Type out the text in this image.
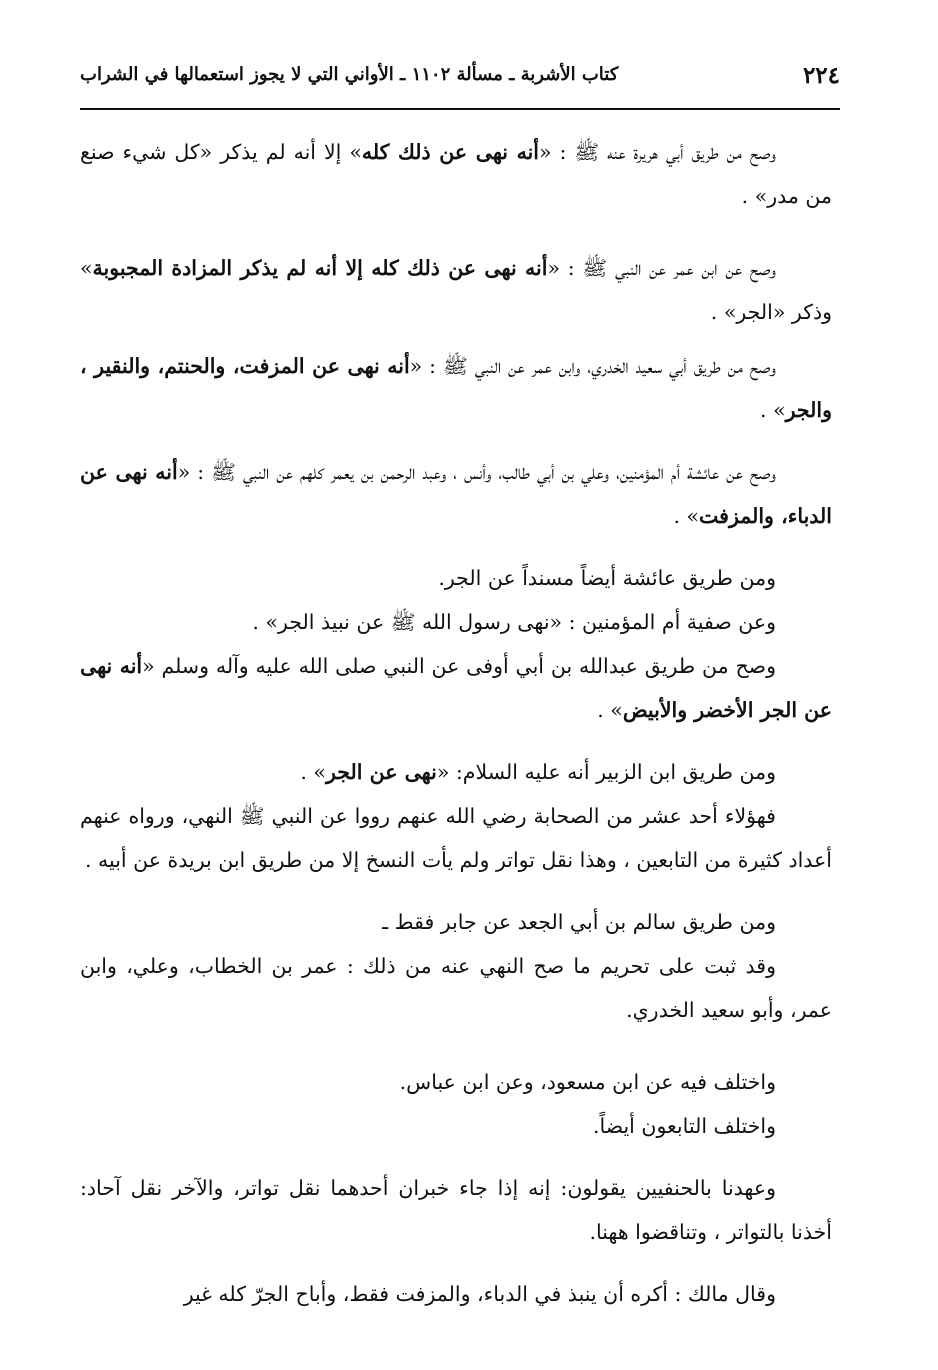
٢٢٤
كتاب الأشربة ـ مسألة ١١٠٢ ـ الأواني التي لا يجوز استعمالها في الشراب

وصح من طريق أبي هريرة عنه ﷺ : «أنه نهى عن ذلك كله» إلا أنه لم يذكر «كل شيء صنع من مدر» .

وصح عن ابن عمر عن النبي ﷺ : «أنه نهى عن ذلك كله إلا أنه لم يذكر المزادة المجبوبة» وذكر «الجر» .

وصح من طريق أبي سعيد الخدري، وابن عمر عن النبي ﷺ : «أنه نهى عن المزفت، والحنتم، والنقير ، والجر» .

وصح عن عائشة أم المؤمنين، وعلي بن أبي طالب، وأنس ، وعبد الرحمن بن يعمر كلهم عن النبي ﷺ : «أنه نهى عن الدباء، والمزفت» .

ومن طريق عائشة أيضاً مسنداً عن الجر.

وعن صفية أم المؤمنين : «نهى رسول الله ﷺ عن نبيذ الجر» .

وصح من طريق عبدالله بن أبي أوفى عن النبي صلى الله عليه وآله وسلم «أنه نهى عن الجر الأخضر والأبيض» .

ومن طريق ابن الزبير أنه عليه السلام: «نهى عن الجر» .

فهؤلاء أحد عشر من الصحابة رضي الله عنهم رووا عن النبي ﷺ النهي، ورواه عنهم أعداد كثيرة من التابعين ، وهذا نقل تواتر ولم يأت النسخ إلا من طريق ابن بريدة عن أبيه .

ومن طريق سالم بن أبي الجعد عن جابر فقط ـ

وقد ثبت على تحريم ما صح النهي عنه من ذلك : عمر بن الخطاب، وعلي، وابن عمر، وأبو سعيد الخدري.

واختلف فيه عن ابن مسعود، وعن ابن عباس.

واختلف التابعون أيضاً.

وعهدنا بالحنفيين يقولون: إنه إذا جاء خبران أحدهما نقل تواتر، والآخر نقل آحاد: أخذنا بالتواتر ، وتناقضوا ههنا.

وقال مالك : أكره أن ينبذ في الدباء، والمزفت فقط، وأباح الجرّ كله غير
